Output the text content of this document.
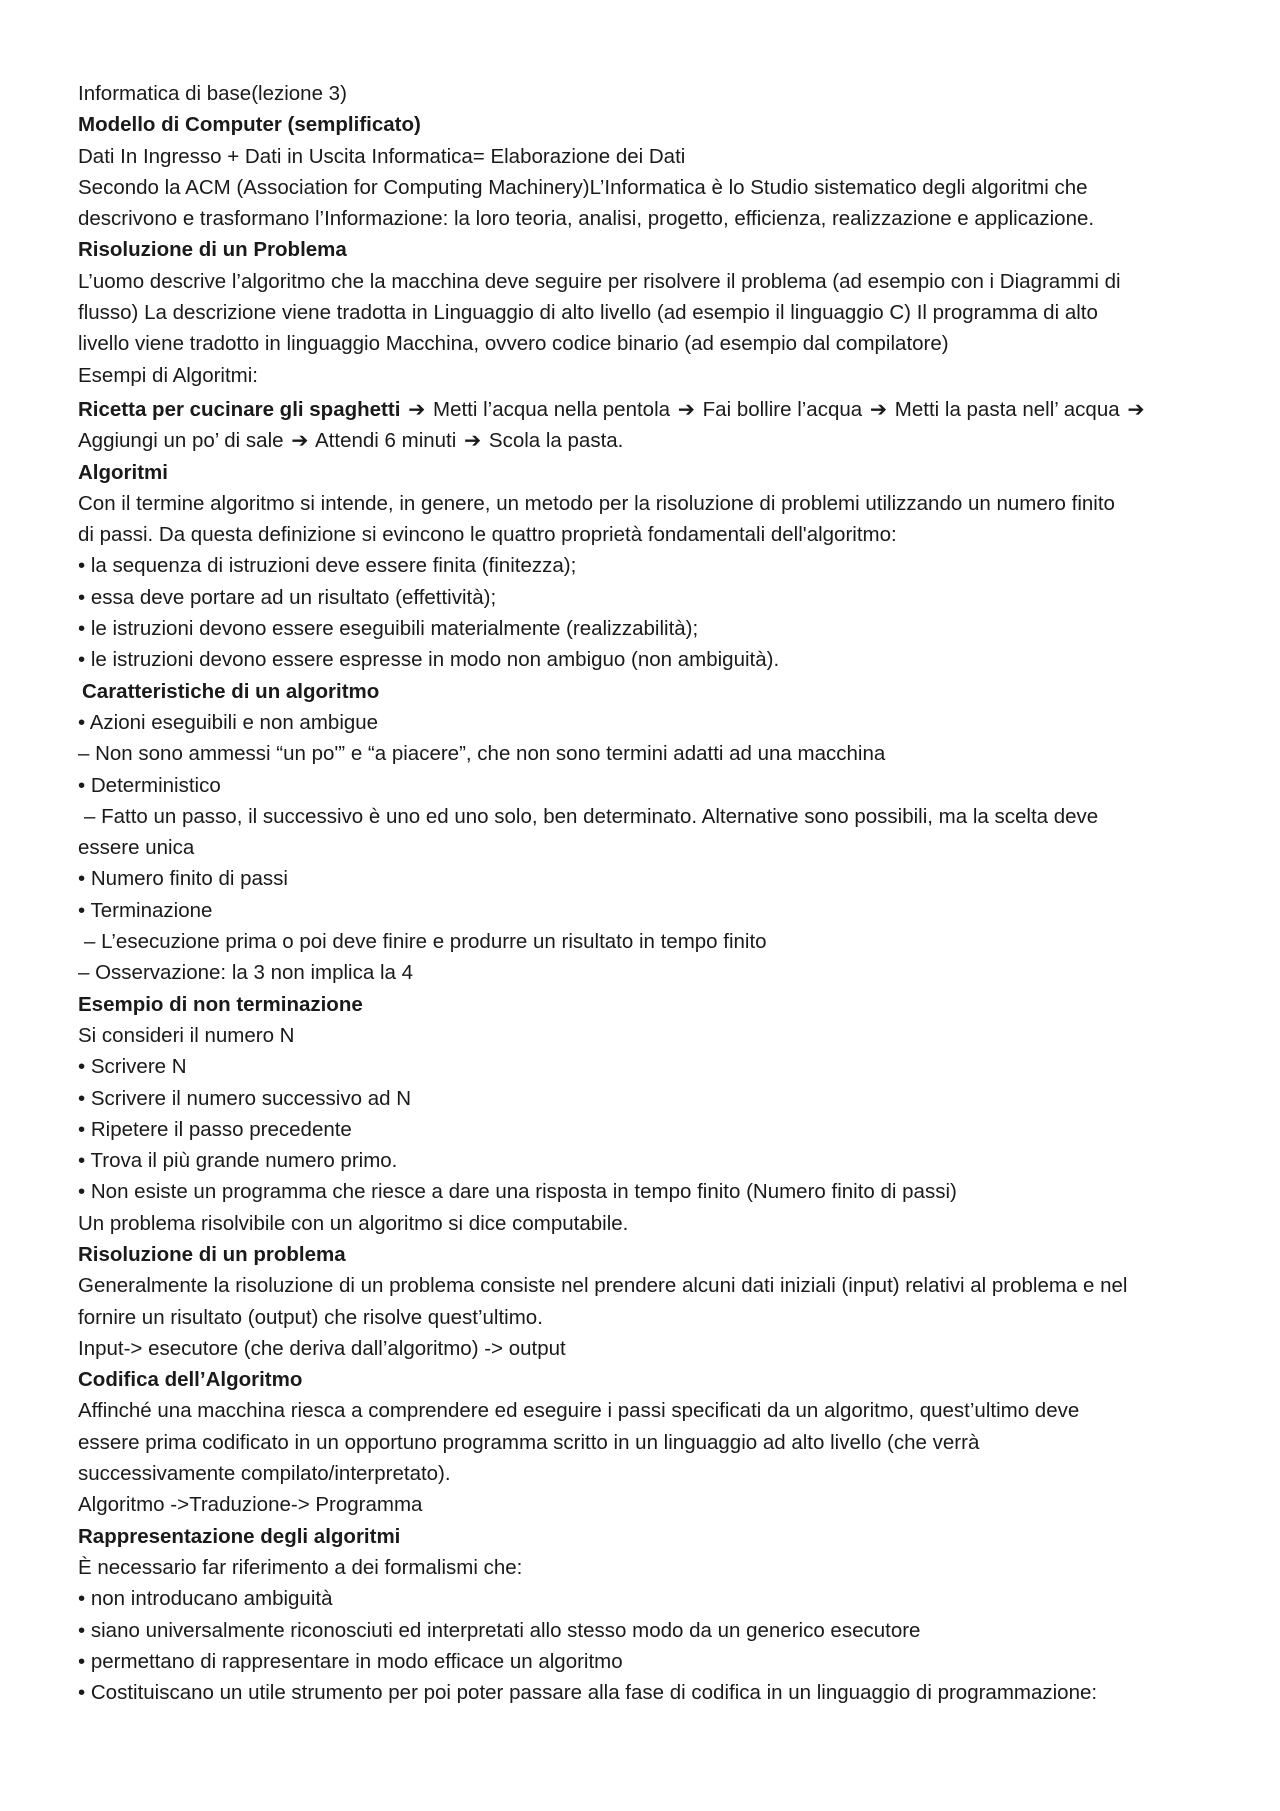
Informatica di base(lezione 3)
Modello di Computer (semplificato)
Dati In Ingresso + Dati in Uscita Informatica= Elaborazione dei Dati
Secondo la ACM (Association for Computing Machinery)L’Informatica è lo Studio sistematico degli algoritmi che
descrivono e trasformano l’Informazione: la loro teoria, analisi, progetto, efficienza, realizzazione e applicazione.
Risoluzione di un Problema
L’uomo descrive l’algoritmo che la macchina deve seguire per risolvere il problema (ad esempio con i Diagrammi di
flusso) La descrizione viene tradotta in Linguaggio di alto livello (ad esempio il linguaggio C) Il programma di alto
livello viene tradotto in linguaggio Macchina, ovvero codice binario (ad esempio dal compilatore)
Esempi di Algoritmi:
Ricetta per cucinare gli spaghetti ➔ Metti l’acqua nella pentola ➔ Fai bollire l’acqua ➔ Metti la pasta nell’ acqua ➔
Aggiungi un po’ di sale ➔ Attendi 6 minuti ➔ Scola la pasta.
Algoritmi
Con il termine algoritmo si intende, in genere, un metodo per la risoluzione di problemi utilizzando un numero finito
di passi. Da questa definizione si evincono le quattro proprietà fondamentali dell'algoritmo:
• la sequenza di istruzioni deve essere finita (finitezza);
• essa deve portare ad un risultato (effettività);
• le istruzioni devono essere eseguibili materialmente (realizzabilità);
• le istruzioni devono essere espresse in modo non ambiguo (non ambiguità).
Caratteristiche di un algoritmo
• Azioni eseguibili e non ambigue
– Non sono ammessi “un po'” e “a piacere”, che non sono termini adatti ad una macchina
• Deterministico
– Fatto un passo, il successivo è uno ed uno solo, ben determinato. Alternative sono possibili, ma la scelta deve
essere unica
• Numero finito di passi
• Terminazione
– L’esecuzione prima o poi deve finire e produrre un risultato in tempo finito
– Osservazione: la 3 non implica la 4
Esempio di non terminazione
Si consideri il numero N
• Scrivere N
• Scrivere il numero successivo ad N
• Ripetere il passo precedente
• Trova il più grande numero primo.
• Non esiste un programma che riesce a dare una risposta in tempo finito (Numero finito di passi)
Un problema risolvibile con un algoritmo si dice computabile.
Risoluzione di un problema
Generalmente la risoluzione di un problema consiste nel prendere alcuni dati iniziali (input) relativi al problema e nel
fornire un risultato (output) che risolve quest’ultimo.
Input-> esecutore (che deriva dall’algoritmo) -> output
Codifica dell’Algoritmo
Affinché una macchina riesca a comprendere ed eseguire i passi specificati da un algoritmo, quest’ultimo deve
essere prima codificato in un opportuno programma scritto in un linguaggio ad alto livello (che verrà
successivamente compilato/interpretato).
Algoritmo ->Traduzione-> Programma
Rappresentazione degli algoritmi
È necessario far riferimento a dei formalismi che:
• non introducano ambiguità
• siano universalmente riconosciuti ed interpretati allo stesso modo da un generico esecutore
• permettano di rappresentare in modo efficace un algoritmo
• Costituiscano un utile strumento per poi poter passare alla fase di codifica in un linguaggio di programmazione:
